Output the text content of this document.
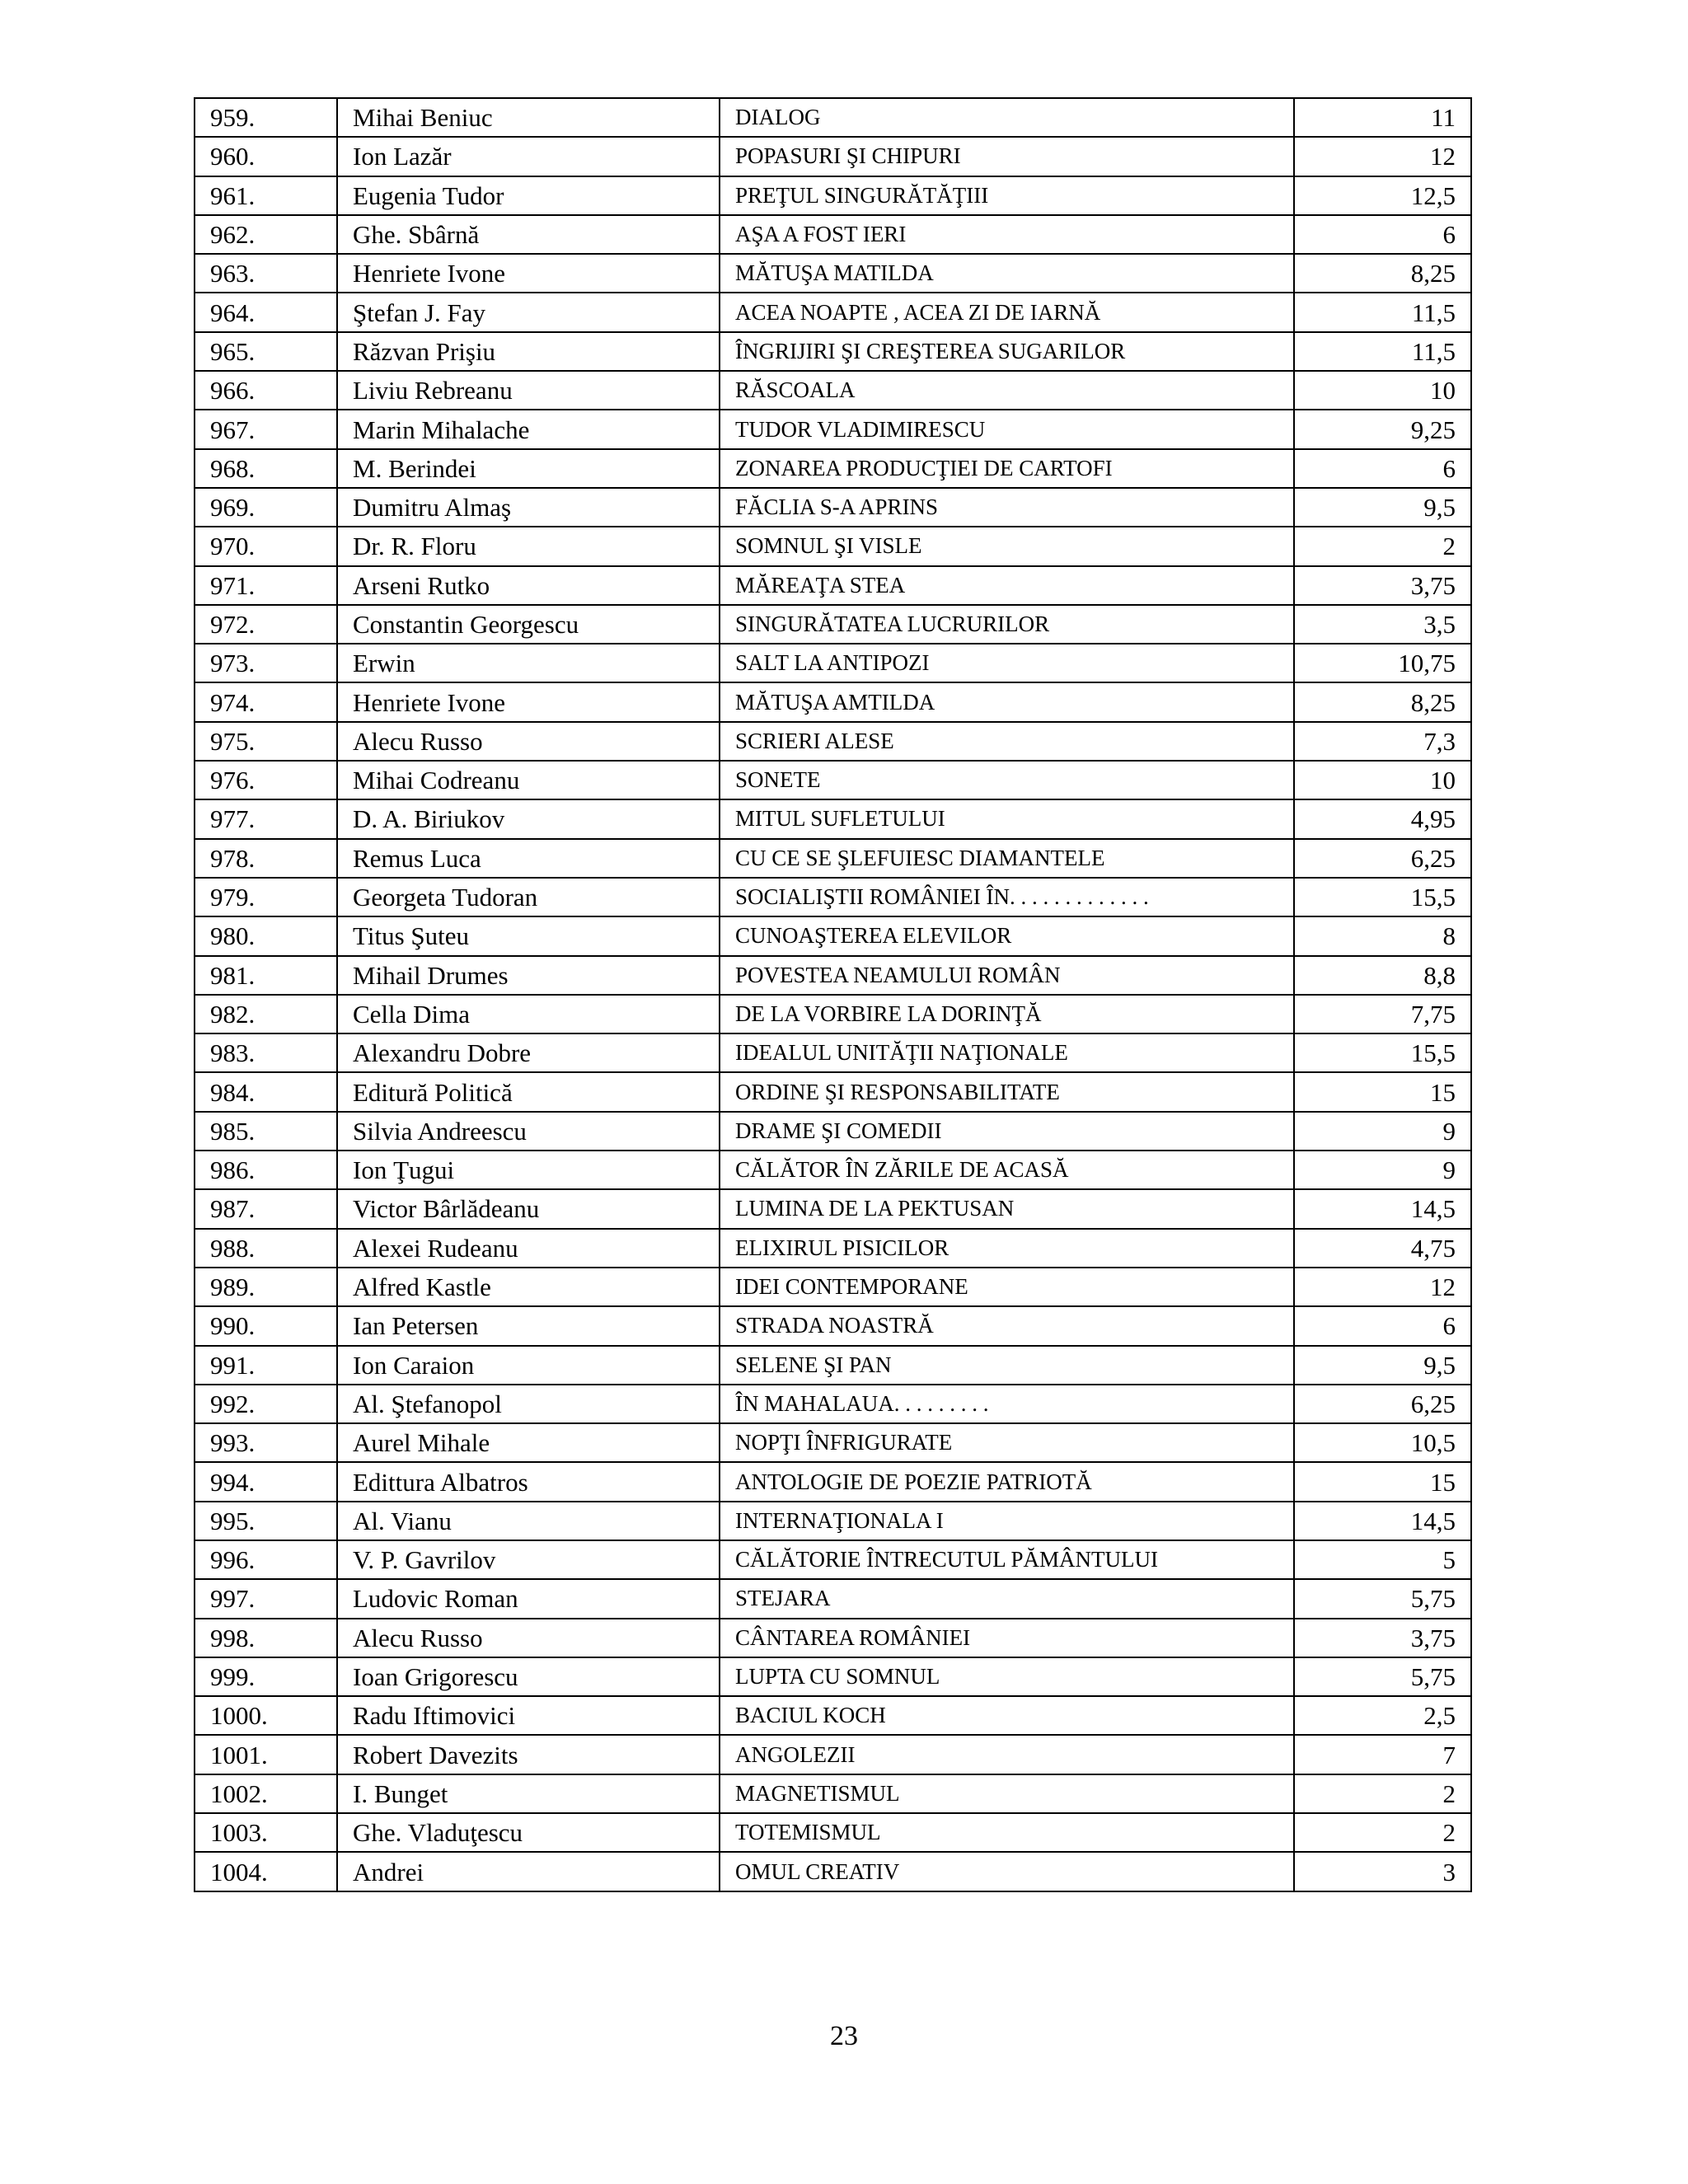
959.	Mihai Beniuc	DIALOG	11
960.	Ion Lazăr	POPASURI ŞI CHIPURI	12
961.	Eugenia Tudor	PREŢUL SINGURĂTĂŢIII	12,5
962.	Ghe. Sbârnă	AŞA A FOST IERI	6
963.	Henriete Ivone	MĂTUŞA MATILDA	8,25
964.	Ştefan J. Fay	ACEA NOAPTE , ACEA ZI DE IARNĂ	11,5
965.	Răzvan Prişiu	ÎNGRIJIRI ŞI CREŞTEREA SUGARILOR	11,5
966.	Liviu Rebreanu	RĂSCOALA	10
967.	Marin Mihalache	TUDOR VLADIMIRESCU	9,25
968.	M. Berindei	ZONAREA PRODUCŢIEI DE CARTOFI	6
969.	Dumitru Almaş	FĂCLIA S-A APRINS	9,5
970.	Dr. R. Floru	SOMNUL ŞI VISLE	2
971.	Arseni Rutko	MĂREAŢA STEA	3,75
972.	Constantin Georgescu	SINGURĂTATEA LUCRURILOR	3,5
973.	Erwin	SALT LA ANTIPOZI	10,75
974.	Henriete Ivone	MĂTUŞA AMTILDA	8,25
975.	Alecu Russo	SCRIERI ALESE	7,3
976.	Mihai Codreanu	SONETE	10
977.	D. A. Biriukov	MITUL SUFLETULUI	4,95
978.	Remus Luca	CU CE SE ŞLEFUIESC DIAMANTELE	6,25
979.	Georgeta Tudoran	SOCIALIŞTII ROMÂNIEI ÎN. . . . . . . . . . . . .	15,5
980.	Titus Şuteu	CUNOAŞTEREA ELEVILOR	8
981.	Mihail Drumes	POVESTEA NEAMULUI ROMÂN	8,8
982.	Cella Dima	DE LA VORBIRE LA DORINŢĂ	7,75
983.	Alexandru Dobre	IDEALUL UNITĂŢII NAŢIONALE	15,5
984.	Editură Politică	ORDINE ŞI RESPONSABILITATE	15
985.	Silvia Andreescu	DRAME ŞI COMEDII	9
986.	Ion Ţugui	CĂLĂTOR ÎN ZĂRILE DE ACASĂ	9
987.	Victor Bârlădeanu	LUMINA DE LA PEKTUSAN	14,5
988.	Alexei Rudeanu	ELIXIRUL PISICILOR	4,75
989.	Alfred Kastle	IDEI CONTEMPORANE	12
990.	Ian Petersen	STRADA NOASTRĂ	6
991.	Ion Caraion	SELENE ŞI PAN	9,5
992.	Al. Ştefanopol	ÎN MAHALAUA. . . . . . . . .	6,25
993.	Aurel Mihale	NOPŢI ÎNFRIGURATE	10,5
994.	Edittura Albatros	ANTOLOGIE DE POEZIE PATRIOTĂ	15
995.	Al. Vianu	INTERNAŢIONALA I	14,5
996.	V. P. Gavrilov	CĂLĂTORIE ÎNTRECUTUL PĂMÂNTULUI	5
997.	Ludovic Roman	STEJARA	5,75
998.	Alecu Russo	CÂNTAREA ROMÂNIEI	3,75
999.	Ioan Grigorescu	LUPTA CU SOMNUL	5,75
1000.	Radu Iftimovici	BACIUL KOCH	2,5
1001.	Robert Davezits	ANGOLEZII	7
1002.	I. Bunget	MAGNETISMUL	2
1003.	Ghe. Vladuţescu	TOTEMISMUL	2
1004.	Andrei	OMUL CREATIV	3
23
